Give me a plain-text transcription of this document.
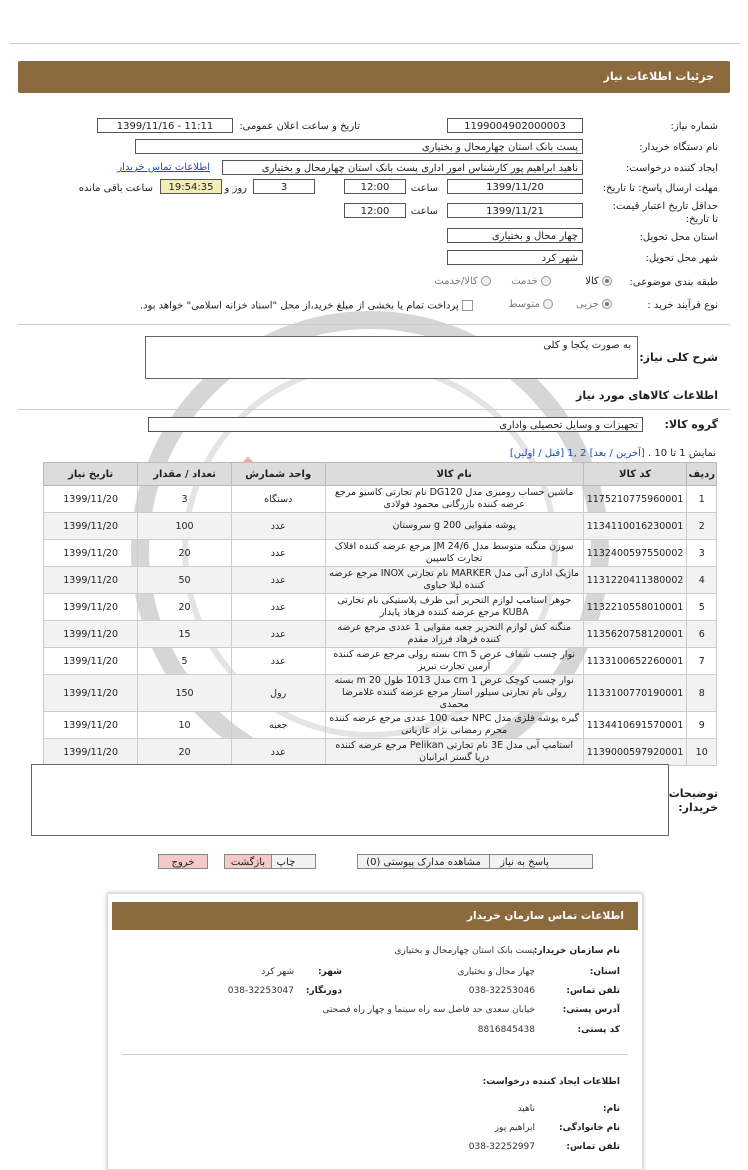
جزئیات اطلاعات نیاز
شماره نیاز:
1199004902000003
تاریخ و ساعت اعلان عمومی:
1399/11/16 - 11:11
نام دستگاه خریدار:
پست بانک استان چهارمحال و بختیاری
ایجاد کننده درخواست:
ناهید ابراهیم پور کارشناس امور اداری پست بانک استان چهارمحال و بختیاری
اطلاعات تماس خریدار
مهلت ارسال پاسخ: تا تاریخ:
1399/11/20
ساعت
12:00
3
روز و
19:54:35
ساعت باقی مانده
حداقل تاریخ اعتبار قیمت: تا تاریخ:
1399/11/21
ساعت
12:00
استان محل تحویل:
چهار محال و بختیاری
شهر محل تحویل:
شهر کرد
طبقه بندی موضوعی:
کالا
خدمت
کالا/خدمت
نوع فرآیند خرید :
جزیی
متوسط
پرداخت تمام یا بخشی از مبلغ خرید،از محل "اسناد خزانه اسلامی" خواهد بود.
شرح کلی نیاز:
به صورت یکجا و کلی
اطلاعات کالاهای مورد نیاز
گروه کالا:
تجهیزات و وسایل تحصیلی واداری
نمایش 1 تا 10 . [آخرین / بعد] 2 ,1 [قبل / اولین]
ردیف	کد کالا	نام کالا	واحد شمارش	تعداد / مقدار	تاریخ نیاز
1	1175210775960001	ماشین حساب رومیزی مدل DG120 نام تجارتی کاسیو مرجع عرضه کننده بازرگانی محمود فولادی	دستگاه	3	1399/11/20
2	1134110016230001	پوشه مقوایی 200 g سروستان	عدد	100	1399/11/20
3	1132400597550002	سوزن منگنه متوسط مدل JM 24/6 مرجع عرضه کننده افلاک تجارت کاسپین	عدد	20	1399/11/20
4	1131220411380002	ماژیک اداری آبی مدل MARKER نام تجارتی INOX مرجع عرضه کننده لیلا حیاوی	عدد	50	1399/11/20
5	1132210558010001	جوهر استامپ لوازم التحریر آبی ظرف پلاستیکی نام تجارتی KUBA مرجع عرضه کننده فرهاد پایدار	عدد	20	1399/11/20
6	1135620758120001	منگنه کش لوازم التحریر جعبه مقوایی 1 عددی مرجع عرضه کننده فرهاد فرزاد مقدم	عدد	15	1399/11/20
7	1133100652260001	نوار چسب شفاف عرض cm 5 بسته رولی مرجع عرضه کننده آرمین تجارت تبریز	عدد	5	1399/11/20
8	1133100770190001	نوار چسب کوچک عرض cm 1 مدل 1013 طول m 20 بسته رولی نام تجارتی سیلور استار مرجع عرضه کننده غلامرضا محمدی	رول	150	1399/11/20
9	1134410691570001	گیره پوشه فلزی مدل NPC جعبه 100 عددی مرجع عرضه کننده محرم رمضانی نژاد غازیانی	جعبه	10	1399/11/20
10	1139000597920001	استامپ آبی مدل 3E نام تجارتی Pelikan مرجع عرضه کننده دریا گستر ایرانیان	عدد	20	1399/11/20
توضیحات خریدار:
پاسخ به نیاز
مشاهده مدارک پیوستی (0)
چاپ
بازگشت
خروج
اطلاعات تماس سازمان خریدار
نام سازمان خریدار:
پست بانک استان چهارمحال و بختیاری
استان:
چهار محال و بختیاری
شهر:
شهر کرد
تلفن تماس:
038-32253046
دورنگار:
038-32253047
آدرس پستی:
خیابان سعدی حد فاصل سه راه سینما و چهار راه فصحتی
کد پستی:
8816845438
اطلاعات ایجاد کننده درخواست:
نام:
ناهید
نام خانوادگی:
ابراهیم پور
تلفن تماس:
038-32252997
